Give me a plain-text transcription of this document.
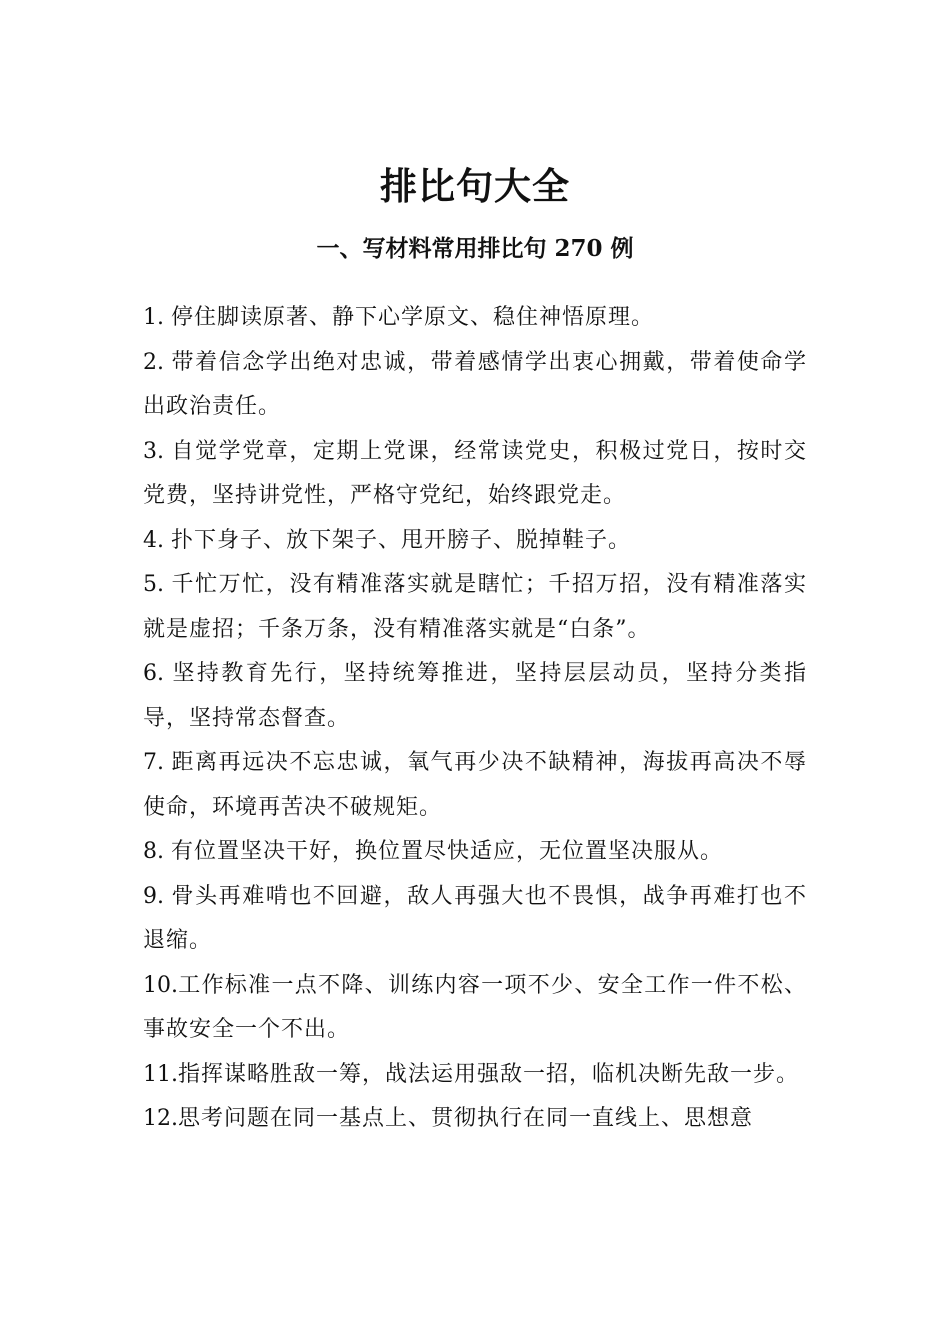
排比句大全
一、写材料常用排比句 270 例

1. 停住脚读原著、静下心学原文、稳住神悟原理。

2. 带着信念学出绝对忠诚，带着感情学出衷心拥戴，带着使命学出政治责任。

3. 自觉学党章，定期上党课，经常读党史，积极过党日，按时交党费，坚持讲党性，严格守党纪，始终跟党走。

4. 扑下身子、放下架子、甩开膀子、脱掉鞋子。

5. 千忙万忙，没有精准落实就是瞎忙；千招万招，没有精准落实就是虚招；千条万条，没有精准落实就是“白条”。

6. 坚持教育先行，坚持统筹推进，坚持层层动员，坚持分类指导，坚持常态督查。

7. 距离再远决不忘忠诚，氧气再少决不缺精神，海拔再高决不辱使命，环境再苦决不破规矩。

8. 有位置坚决干好，换位置尽快适应，无位置坚决服从。

9. 骨头再难啃也不回避，敌人再强大也不畏惧，战争再难打也不退缩。

10.工作标准一点不降、训练内容一项不少、安全工作一件不松、事故安全一个不出。

11.指挥谋略胜敌一筹，战法运用强敌一招，临机决断先敌一步。

12.思考问题在同一基点上、贯彻执行在同一直线上、思想意
